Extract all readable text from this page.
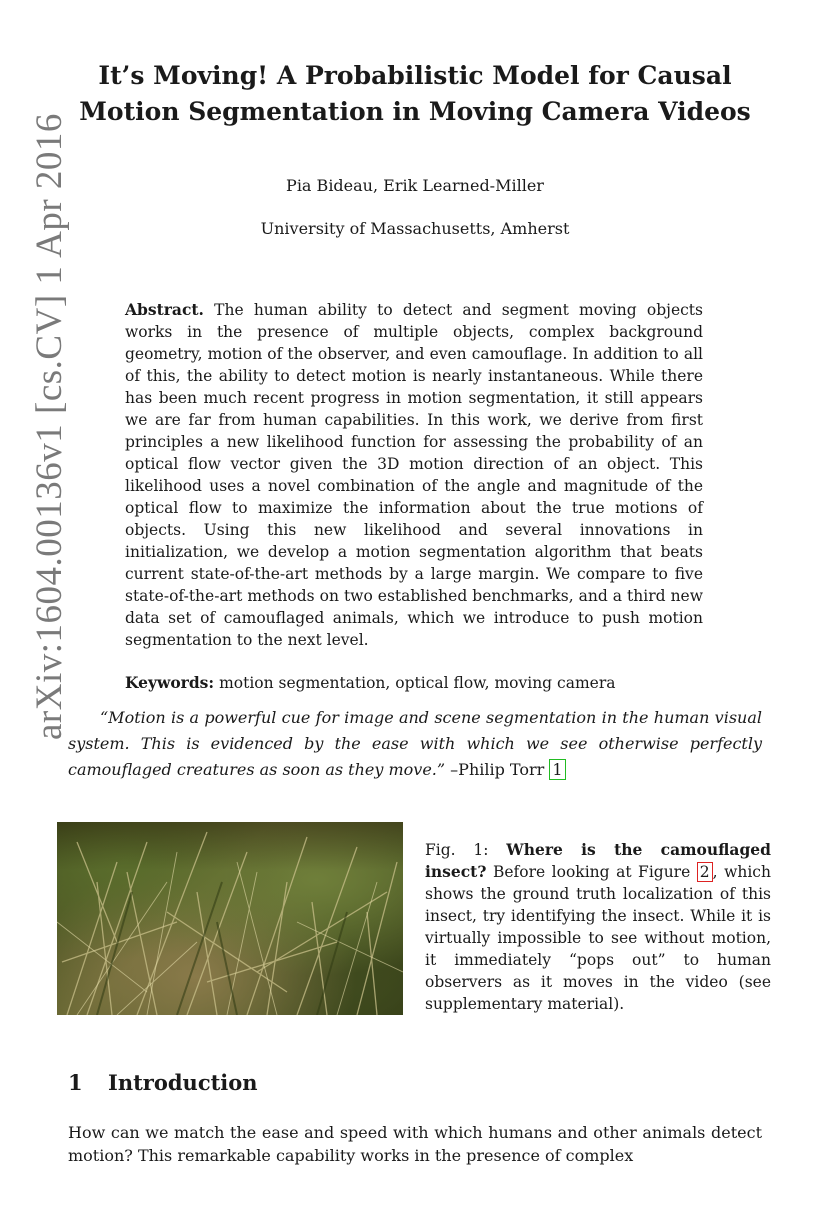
arXiv:1604.00136v1 [cs.CV] 1 Apr 2016
It’s Moving! A Probabilistic Model for Causal Motion Segmentation in Moving Camera Videos
Pia Bideau, Erik Learned-Miller
University of Massachusetts, Amherst

Abstract. The human ability to detect and segment moving objects works in the presence of multiple objects, complex background geometry, motion of the observer, and even camouflage. In addition to all of this, the ability to detect motion is nearly instantaneous. While there has been much recent progress in motion segmentation, it still appears we are far from human capabilities. In this work, we derive from first principles a new likelihood function for assessing the probability of an optical flow vector given the 3D motion direction of an object. This likelihood uses a novel combination of the angle and magnitude of the optical flow to maximize the information about the true motions of objects. Using this new likelihood and several innovations in initialization, we develop a motion segmentation algorithm that beats current state-of-the-art methods by a large margin. We compare to five state-of-the-art methods on two established benchmarks, and a third new data set of camouflaged animals, which we introduce to push motion segmentation to the next level.

Keywords: motion segmentation, optical flow, moving camera

“Motion is a powerful cue for image and scene segmentation in the human visual system. This is evidenced by the ease with which we see otherwise perfectly camouflaged creatures as soon as they move.” –Philip Torr 1

Fig. 1: Where is the camouflaged insect? Before looking at Figure 2 , which shows the ground truth localization of this insect, try identifying the insect. While it is virtually impossible to see without motion, it immediately “pops out” to human observers as it moves in the video (see supplementary material).

1 Introduction

How can we match the ease and speed with which humans and other animals detect motion? This remarkable capability works in the presence of complex
